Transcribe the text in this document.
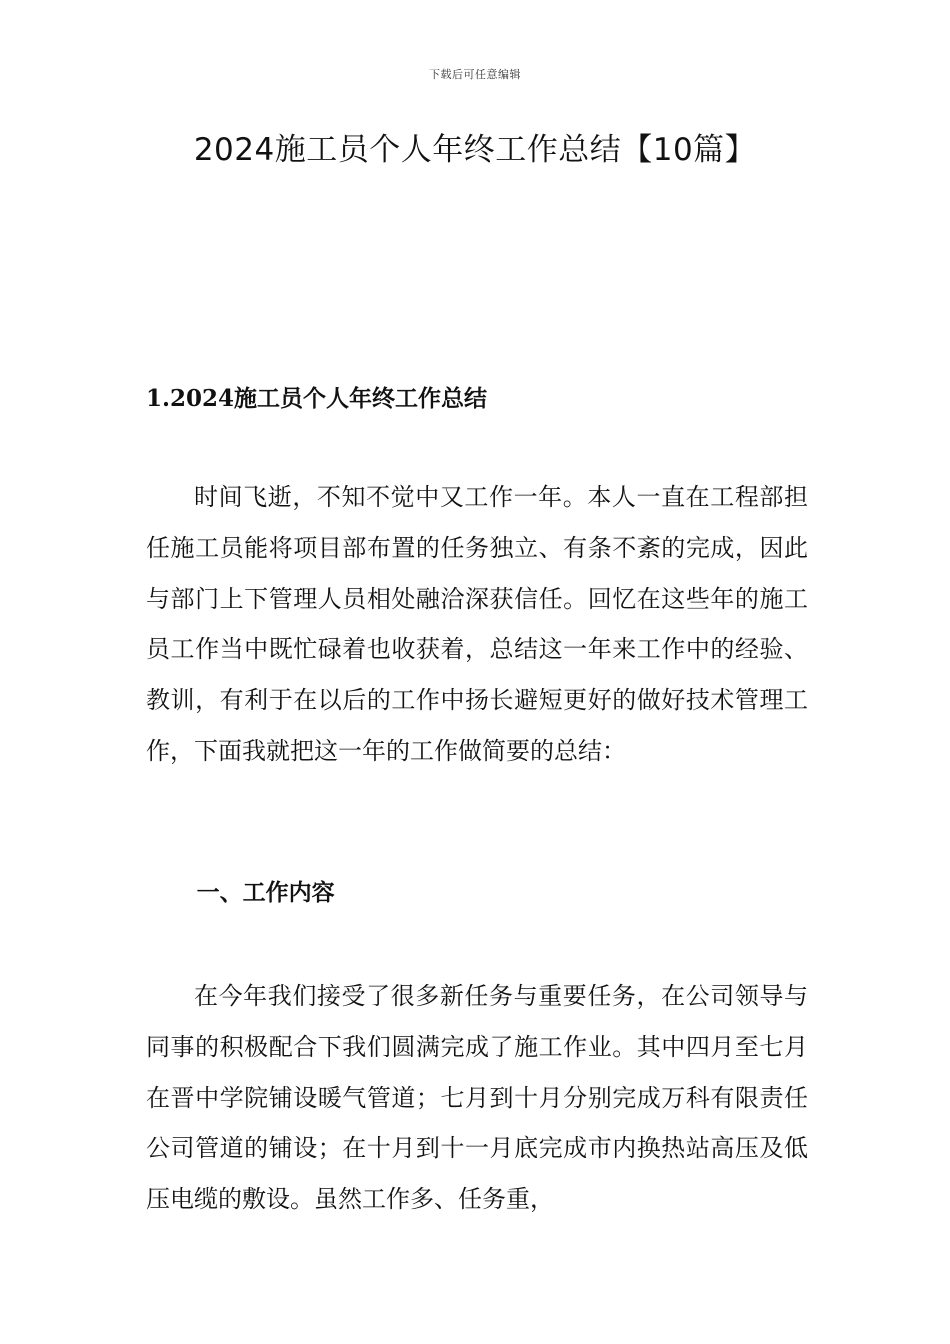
下载后可任意编辑
2024施工员个人年终工作总结【10篇】
1.2024施工员个人年终工作总结

时间飞逝，不知不觉中又工作一年。本人一直在工程部担任施工员能将项目部布置的任务独立、有条不紊的完成，因此与部门上下管理人员相处融洽深获信任。回忆在这些年的施工员工作当中既忙碌着也收获着，总结这一年来工作中的经验、教训，有利于在以后的工作中扬长避短更好的做好技术管理工作，下面我就把这一年的工作做简要的总结：

一、工作内容

在今年我们接受了很多新任务与重要任务，在公司领导与同事的积极配合下我们圆满完成了施工作业。其中四月至七月在晋中学院铺设暖气管道；七月到十月分别完成万科有限责任公司管道的铺设；在十月到十一月底完成市内换热站高压及低压电缆的敷设。虽然工作多、任务重，
